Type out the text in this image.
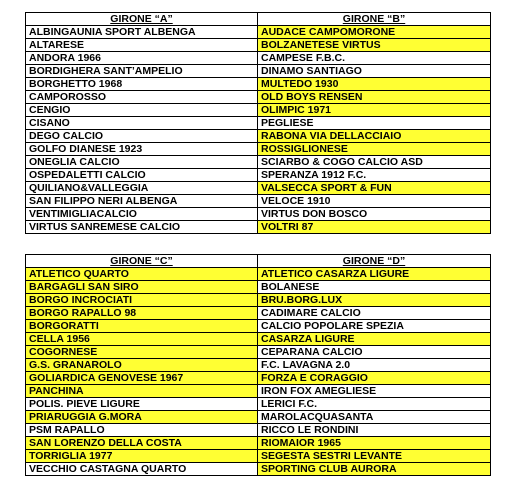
GIRONE “A”	GIRONE “B”
ALBINGAUNIA SPORT ALBENGA	AUDACE CAMPOMORONE
ALTARESE	BOLZANETESE VIRTUS
ANDORA 1966	CAMPESE F.B.C.
BORDIGHERA SANT’AMPELIO	DINAMO SANTIAGO
BORGHETTO 1968	MULTEDO 1930
CAMPOROSSO	OLD BOYS RENSEN
CENGIO	OLIMPIC 1971
CISANO	PEGLIESE
DEGO CALCIO	RABONA VIA DELLACCIAIO
GOLFO DIANESE 1923	ROSSIGLIONESE
ONEGLIA CALCIO	SCIARBO & COGO CALCIO ASD
OSPEDALETTI CALCIO	SPERANZA 1912 F.C.
QUILIANO&VALLEGGIA	VALSECCA SPORT & FUN
SAN FILIPPO NERI ALBENGA	VELOCE 1910
VENTIMIGLIACALCIO	VIRTUS DON BOSCO
VIRTUS SANREMESE CALCIO	VOLTRI 87
GIRONE “C”	GIRONE “D”
ATLETICO QUARTO	ATLETICO CASARZA LIGURE
BARGAGLI SAN SIRO	BOLANESE
BORGO INCROCIATI	BRU.BORG.LUX
BORGO RAPALLO 98	CADIMARE CALCIO
BORGORATTI	CALCIO POPOLARE SPEZIA
CELLA 1956	CASARZA LIGURE
COGORNESE	CEPARANA CALCIO
G.S. GRANAROLO	F.C. LAVAGNA 2.0
GOLIARDICA GENOVESE 1967	FORZA E CORAGGIO
PANCHINA	IRON FOX AMEGLIESE
POLIS. PIEVE LIGURE	LERICI F.C.
PRIARUGGIA G.MORA	MAROLACQUASANTA
PSM RAPALLO	RICCO LE RONDINI
SAN LORENZO DELLA COSTA	RIOMAIOR 1965
TORRIGLIA 1977	SEGESTA SESTRI LEVANTE
VECCHIO CASTAGNA QUARTO	SPORTING CLUB AURORA
